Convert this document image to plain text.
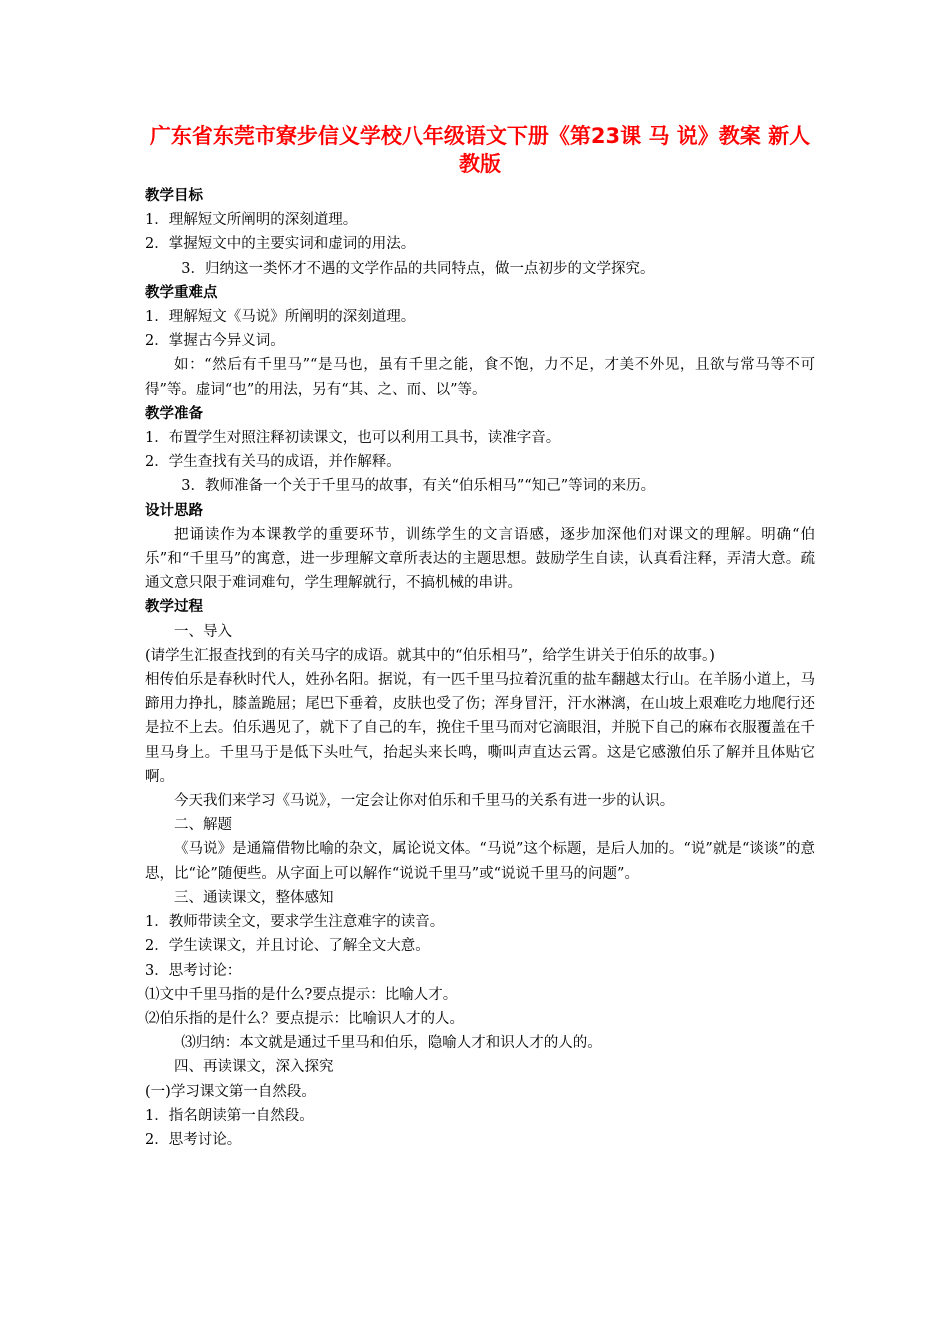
广东省东莞市寮步信义学校八年级语文下册《第23课 马 说》教案 新人教版
教学目标
1．理解短文所阐明的深刻道理。
2．掌握短文中的主要实词和虚词的用法。
3．归纳这一类怀才不遇的文学作品的共同特点，做一点初步的文学探究。
教学重难点
1．理解短文《马说》所阐明的深刻道理。
2．掌握古今异义词。
如：“然后有千里马”“是马也，虽有千里之能，食不饱，力不足，才美不外见，且欲与常马等不可得”等。虚词“也”的用法，另有“其、之、而、以”等。
教学准备
1．布置学生对照注释初读课文，也可以利用工具书，读准字音。
2．学生查找有关马的成语，并作解释。
3．教师准备一个关于千里马的故事，有关“伯乐相马”“知己”等词的来历。
设计思路
把诵读作为本课教学的重要环节，训练学生的文言语感，逐步加深他们对课文的理解。明确“伯乐”和“千里马”的寓意，进一步理解文章所表达的主题思想。鼓励学生自读，认真看注释，弄清大意。疏通文意只限于难词难句，学生理解就行，不搞机械的串讲。
教学过程
一、导入
(请学生汇报查找到的有关马字的成语。就其中的“伯乐相马”，给学生讲关于伯乐的故事。)
相传伯乐是春秋时代人，姓孙名阳。据说，有一匹千里马拉着沉重的盐车翻越太行山。在羊肠小道上，马蹄用力挣扎，膝盖跪屈；尾巴下垂着，皮肤也受了伤；浑身冒汗，汗水淋漓，在山坡上艰难吃力地爬行还是拉不上去。伯乐遇见了，就下了自己的车，挽住千里马而对它滴眼泪，并脱下自己的麻布衣服覆盖在千里马身上。千里马于是低下头吐气，抬起头来长鸣，嘶叫声直达云霄。这是它感激伯乐了解并且体贴它啊。
今天我们来学习《马说》，一定会让你对伯乐和千里马的关系有进一步的认识。
二、解题
《马说》是通篇借物比喻的杂文，属论说文体。“马说”这个标题，是后人加的。“说”就是“谈谈”的意思，比“论”随便些。从字面上可以解作“说说千里马”或“说说千里马的问题”。
三、通读课文，整体感知
1．教师带读全文，要求学生注意难字的读音。
2．学生读课文，并且讨论、了解全文大意。
3．思考讨论：
⑴文中千里马指的是什么?要点提示：比喻人才。
⑵伯乐指的是什么？要点提示：比喻识人才的人。
⑶归纳：本文就是通过千里马和伯乐，隐喻人才和识人才的人的。
四、再读课文，深入探究
(一)学习课文第一自然段。
1．指名朗读第一自然段。
2．思考讨论。
